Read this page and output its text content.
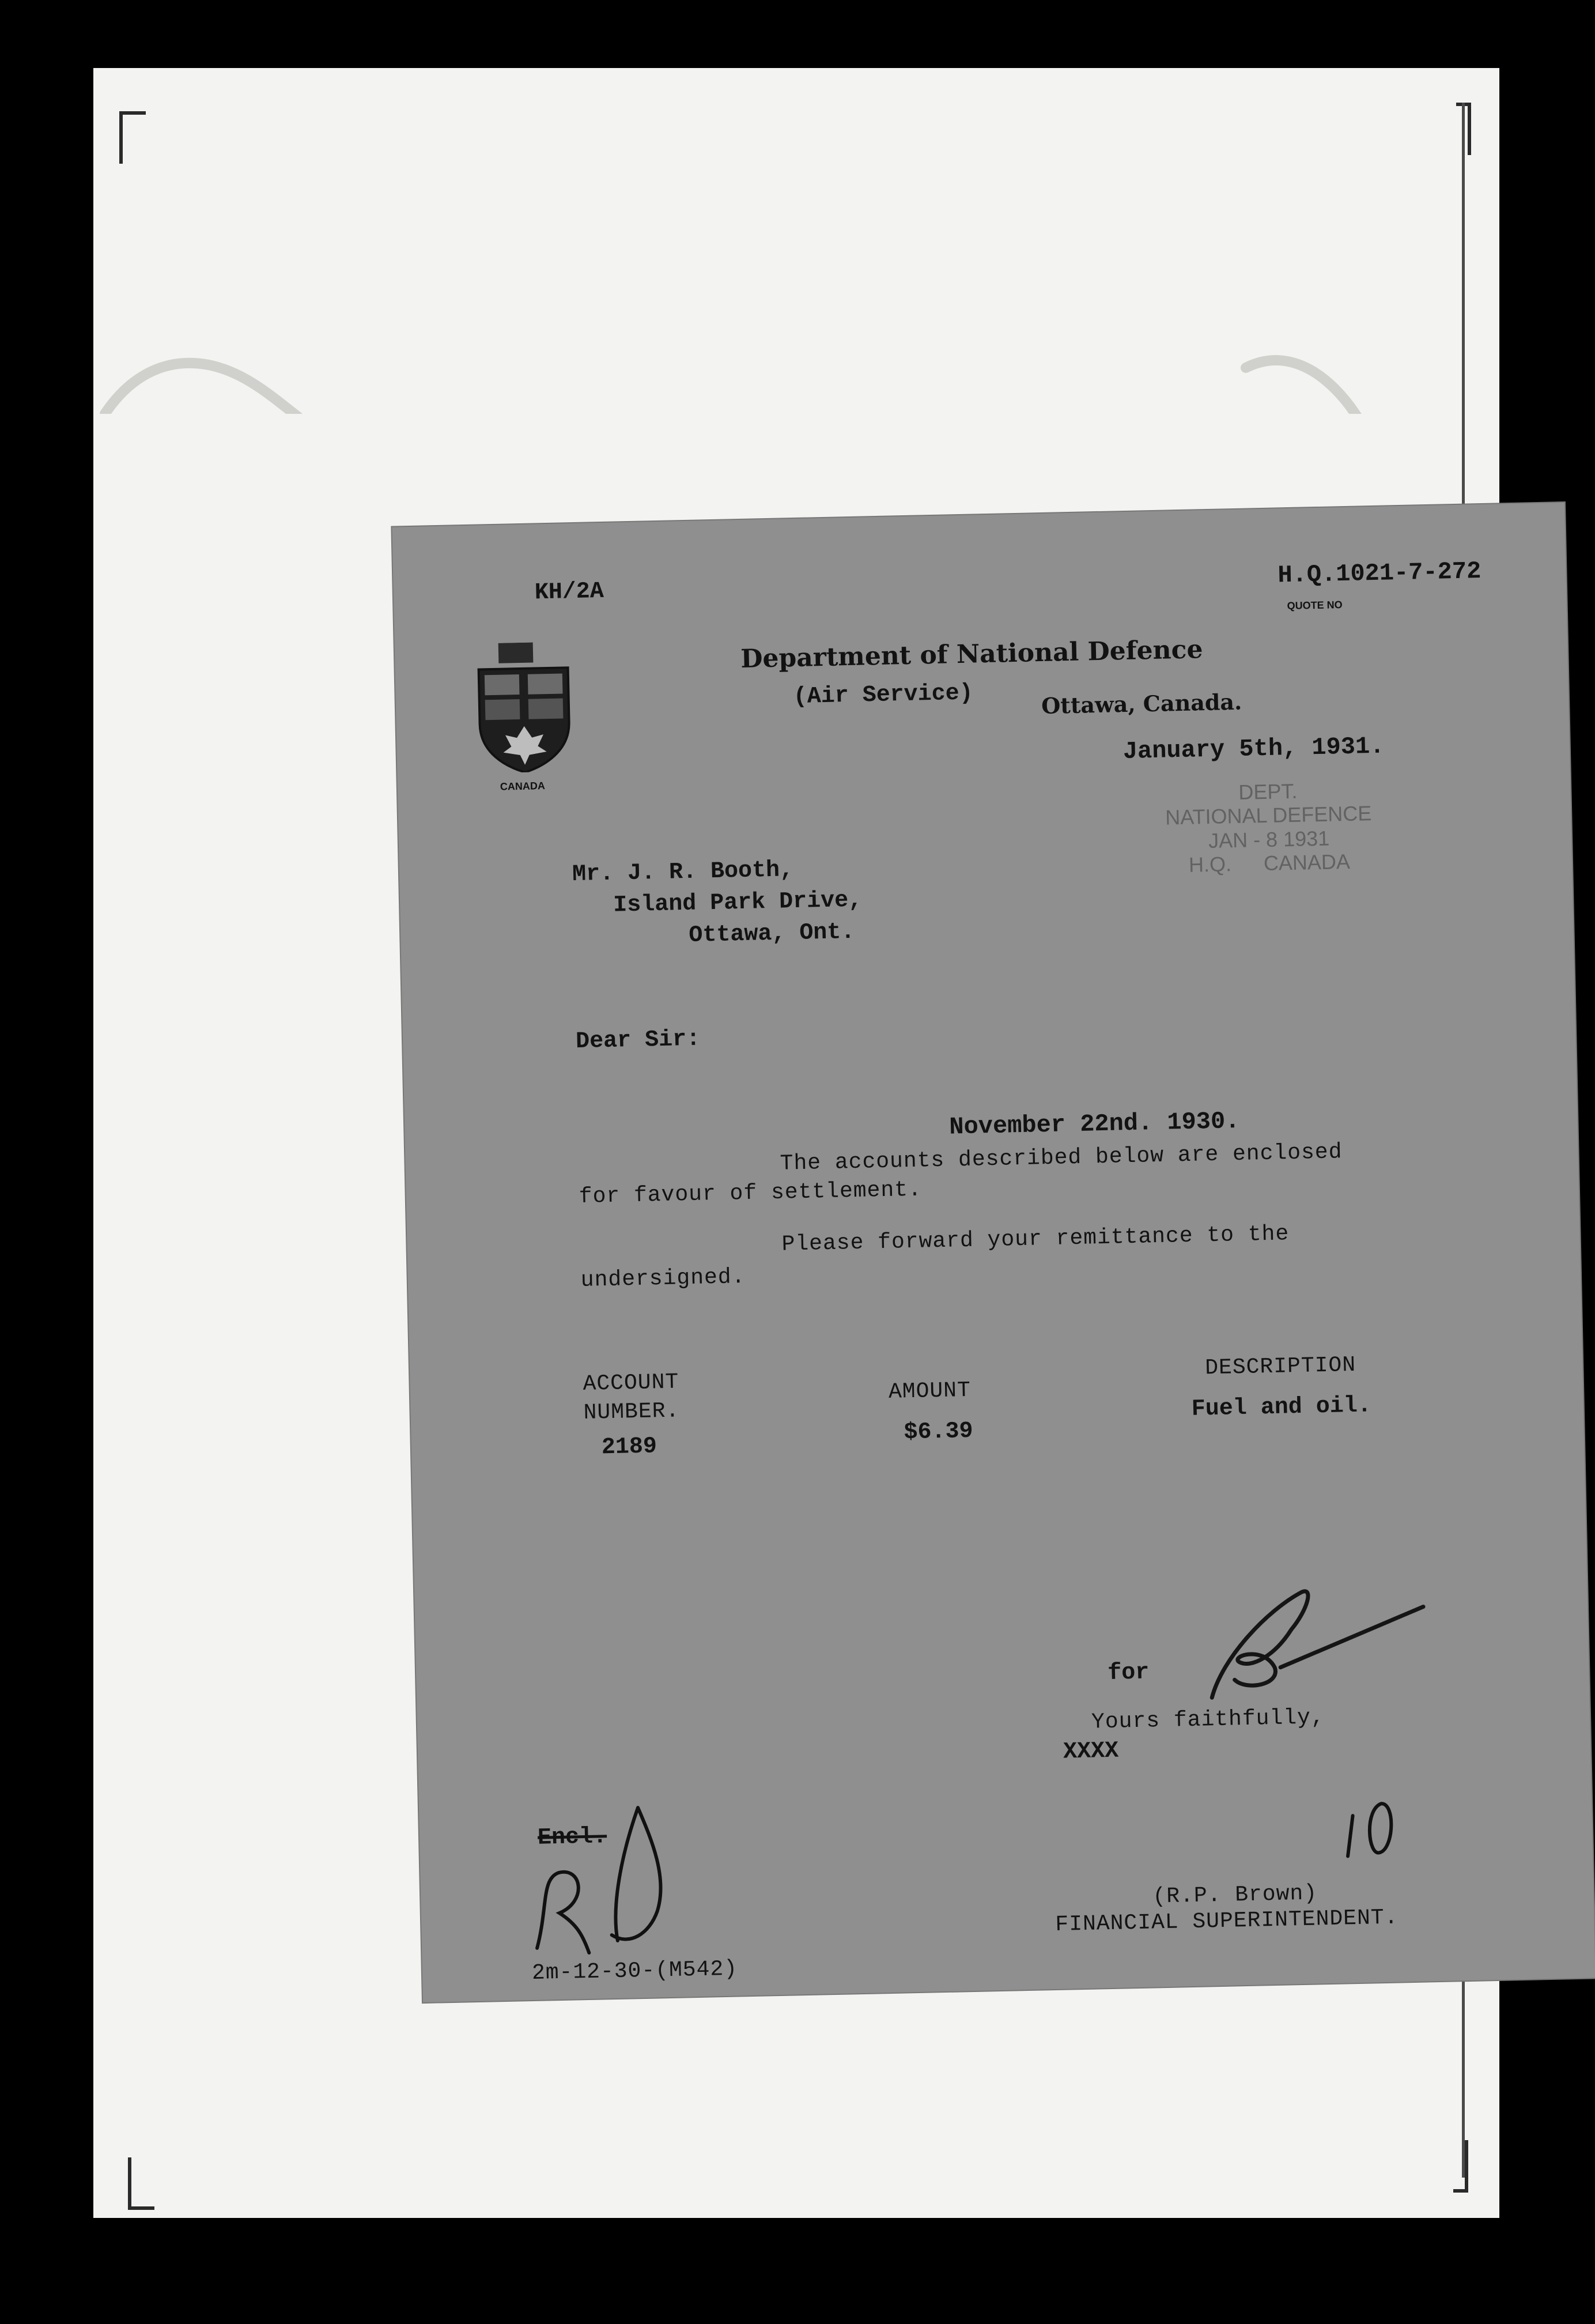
KH/2A
H.Q.1021-7-272
QUOTE NO
CANADA
Department of National Defence
(Air Service)	Ottawa, Canada.
January 5th, 1931.
Mr. J. R. Booth,
Island Park Drive,
Ottawa, Ont.
DEPT.
NATIONAL DEFENCE
JAN - 8 1931
H.Q. CANADA
Dear Sir:
November 22nd. 1930.
The accounts described below are enclosed
for favour of settlement.
Please forward your remittance to the
undersigned.
ACCOUNT
NUMBER.
AMOUNT
DESCRIPTION
2189
$6.39
Fuel and oil.
for
Yours faithfully,
XXXX
(R.P. Brown)
FINANCIAL SUPERINTENDENT.
Encl.
2m-12-30-(M542)
